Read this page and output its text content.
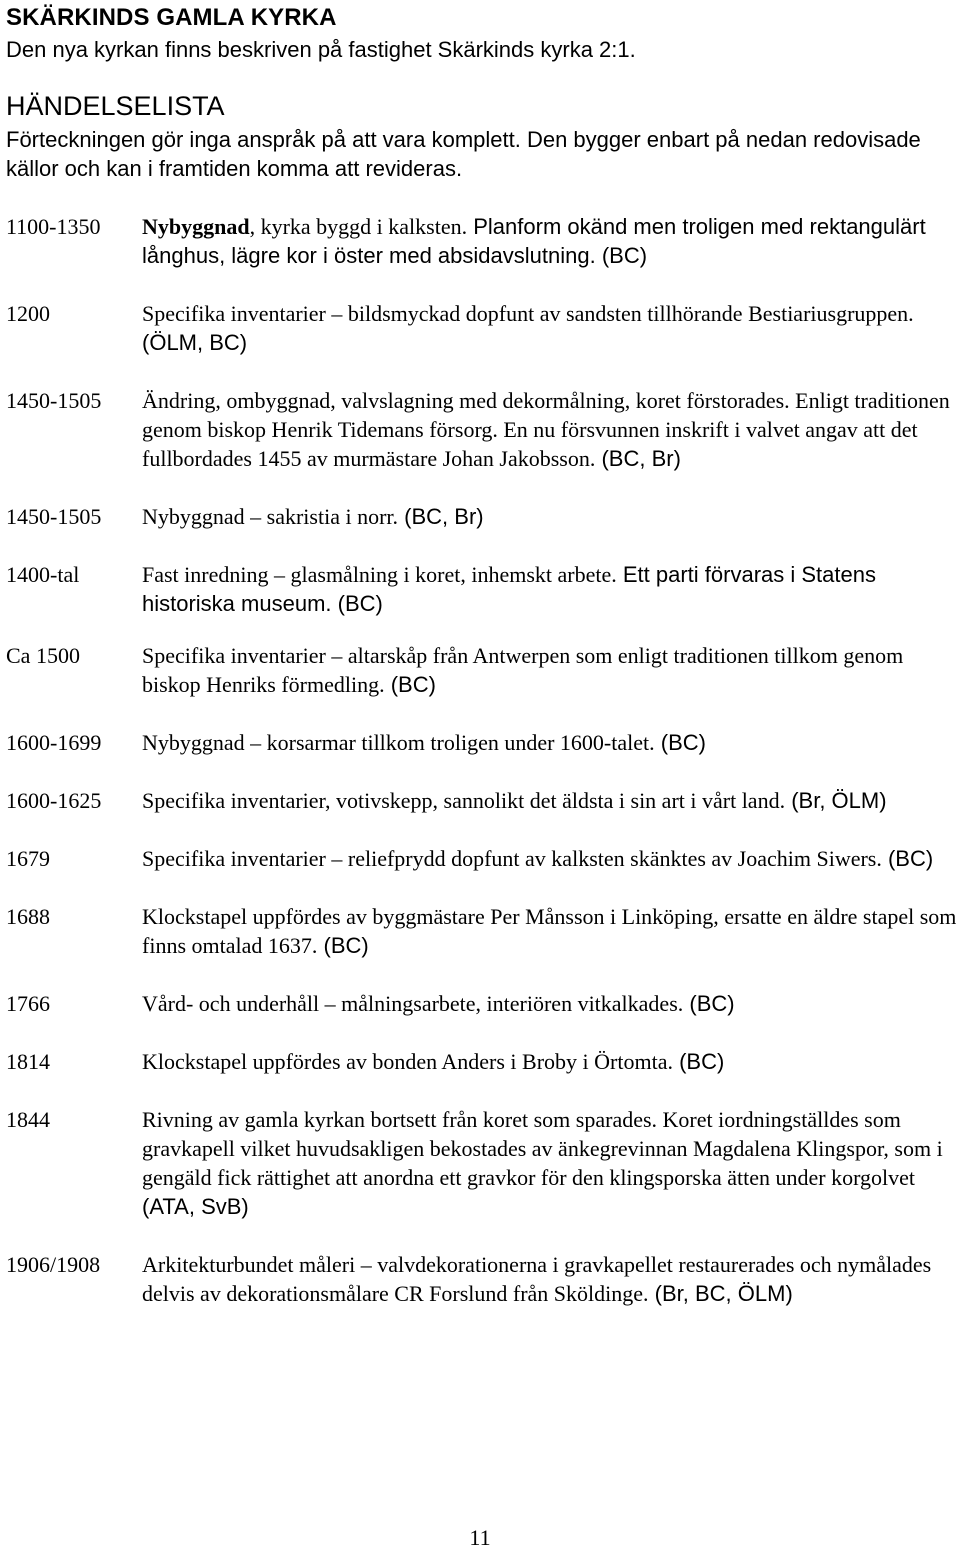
SKÄRKINDS GAMLA KYRKA
Den nya kyrkan finns beskriven på fastighet Skärkinds kyrka 2:1.
HÄNDELSELISTA
Förteckningen gör inga anspråk på att vara komplett. Den bygger enbart på nedan redovisade källor och kan i framtiden komma att revideras.
1100-1350	Nybyggnad, kyrka byggd i kalksten. Planform okänd men troligen med rektangulärt långhus, lägre kor i öster med absidavslutning. (BC)
1200	Specifika inventarier – bildsmyckad dopfunt av sandsten tillhörande Bestiariusgruppen. (ÖLM, BC)
1450-1505	Ändring, ombyggnad, valvslagning med dekormålning, koret förstorades. Enligt traditionen genom biskop Henrik Tidemans försorg. En nu försvunnen inskrift i valvet angav att det fullbordades 1455 av murmästare Johan Jakobsson. (BC, Br)
1450-1505	Nybyggnad – sakristia i norr. (BC, Br)
1400-tal	Fast inredning – glasmålning i koret, inhemskt arbete. Ett parti förvaras i Statens historiska museum. (BC)
Ca 1500	Specifika inventarier – altarskåp från Antwerpen som enligt traditionen tillkom genom biskop Henriks förmedling. (BC)
1600-1699	Nybyggnad – korsarmar tillkom troligen under 1600-talet. (BC)
1600-1625	Specifika inventarier, votivskepp, sannolikt det äldsta i sin art i vårt land. (Br, ÖLM)
1679	Specifika inventarier – reliefprydd dopfunt av kalksten skänktes av Joachim Siwers. (BC)
1688	Klockstapel uppfördes av byggmästare Per Månsson i Linköping, ersatte en äldre stapel som finns omtalad 1637. (BC)
1766	Vård- och underhåll – målningsarbete, interiören vitkalkades. (BC)
1814	Klockstapel uppfördes av bonden Anders i Broby i Örtomta. (BC)
1844	Rivning av gamla kyrkan bortsett från koret som sparades. Koret iordningställdes som gravkapell vilket huvudsakligen bekostades av änkegrevinnan Magdalena Klingspor, som i gengäld fick rättighet att anordna ett gravkor för den klingsporska ätten under korgolvet (ATA, SvB)
1906/1908	Arkitekturbundet måleri – valvdekorationerna i gravkapellet restaurerades och nymålades delvis av dekorationsmålare CR Forslund från Sköldinge. (Br, BC, ÖLM)
11
